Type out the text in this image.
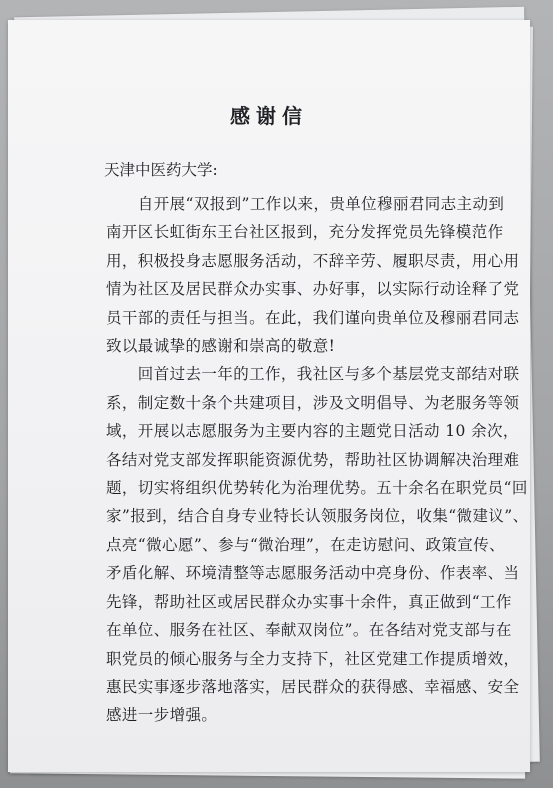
感谢信
天津中医药大学:
　　自开展“双报到”工作以来，贵单位穆丽君同志主动到
南开区长虹街东王台社区报到，充分发挥党员先锋模范作
用，积极投身志愿服务活动，不辞辛劳、履职尽责，用心用
情为社区及居民群众办实事、办好事，以实际行动诠释了党
员干部的责任与担当。在此，我们谨向贵单位及穆丽君同志
致以最诚挚的感谢和崇高的敬意!
　　回首过去一年的工作，我社区与多个基层党支部结对联
系，制定数十条个共建项目，涉及文明倡导、为老服务等领
域，开展以志愿服务为主要内容的主题党日活动 10 余次，
各结对党支部发挥职能资源优势，帮助社区协调解决治理难
题，切实将组织优势转化为治理优势。五十余名在职党员“回
家”报到，结合自身专业特长认领服务岗位，收集“微建议”、
点亮“微心愿”、参与“微治理”，在走访慰问、政策宣传、
矛盾化解、环境清整等志愿服务活动中亮身份、作表率、当
先锋，帮助社区或居民群众办实事十余件，真正做到“工作
在单位、服务在社区、奉献双岗位”。在各结对党支部与在
职党员的倾心服务与全力支持下，社区党建工作提质增效，
惠民实事逐步落地落实，居民群众的获得感、幸福感、安全
感进一步增强。
